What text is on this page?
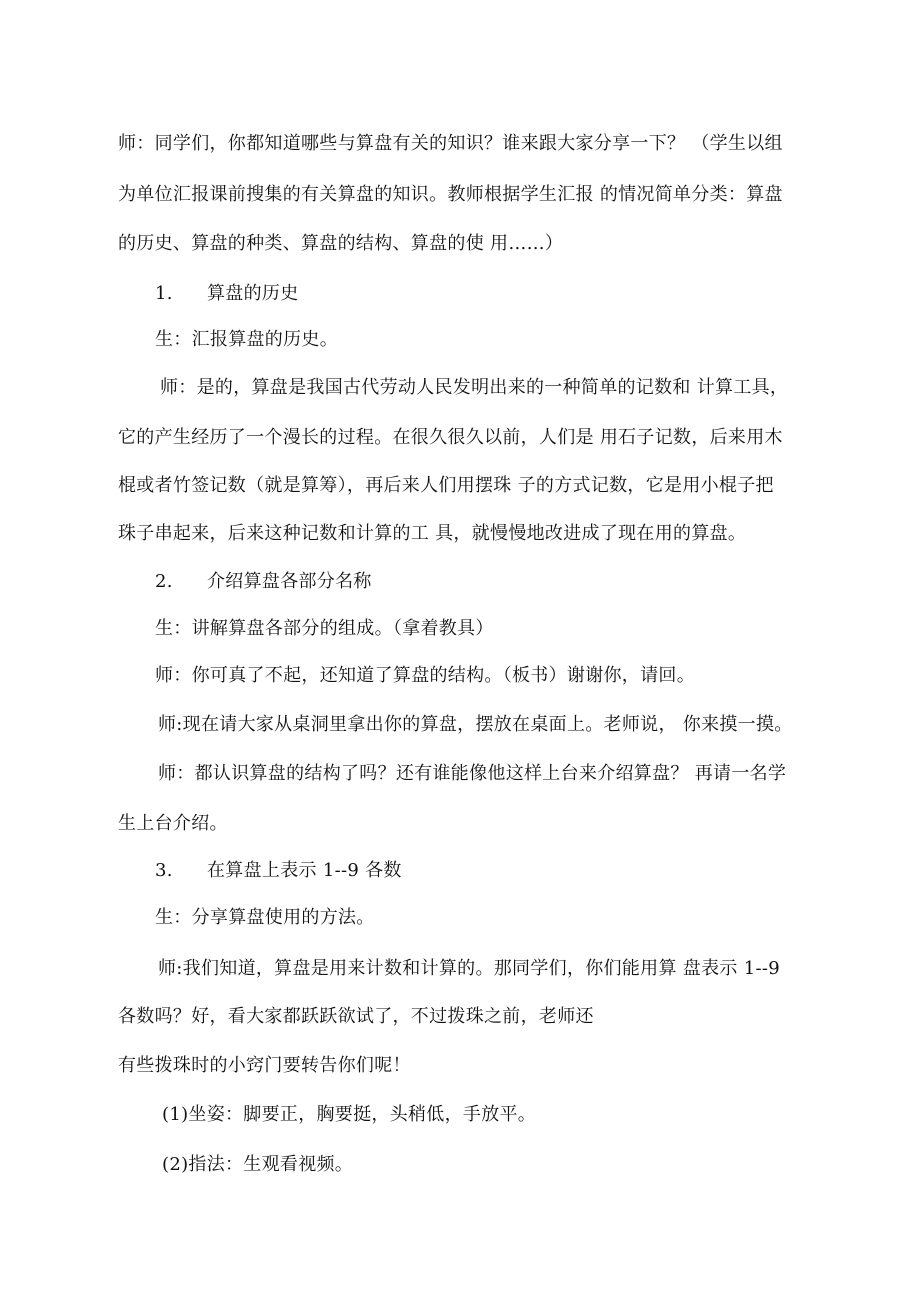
师：同学们，你都知道哪些与算盘有关的知识？谁来跟大家分享一下？ （学生以组
为单位汇报课前搜集的有关算盘的知识。教师根据学生汇报 的情况简单分类：算盘
的历史、算盘的种类、算盘的结构、算盘的使 用……）
1. 算盘的历史
生：汇报算盘的历史。
师：是的，算盘是我国古代劳动人民发明出来的一种简单的记数和 计算工具，
它的产生经历了一个漫长的过程。在很久很久以前，人们是 用石子记数，后来用木
棍或者竹签记数（就是算筹），再后来人们用摆珠 子的方式记数，它是用小棍子把
珠子串起来，后来这种记数和计算的工 具，就慢慢地改进成了现在用的算盘。
2. 介绍算盘各部分名称
生：讲解算盘各部分的组成。（拿着教具）
师：你可真了不起，还知道了算盘的结构。（板书）谢谢你，请回。
师:现在请大家从桌洞里拿出你的算盘，摆放在桌面上。老师说， 你来摸一摸。
师：都认识算盘的结构了吗？还有谁能像他这样上台来介绍算盘？ 再请一名学
生上台介绍。
3. 在算盘上表示 1--9 各数
生：分享算盘使用的方法。
师:我们知道，算盘是用来计数和计算的。那同学们，你们能用算 盘表示 1--9
各数吗？好，看大家都跃跃欲试了，不过拨珠之前，老师还
有些拨珠时的小窍门要转告你们呢！
(1)坐姿：脚要正，胸要挺，头稍低，手放平。
(2)指法：生观看视频。
